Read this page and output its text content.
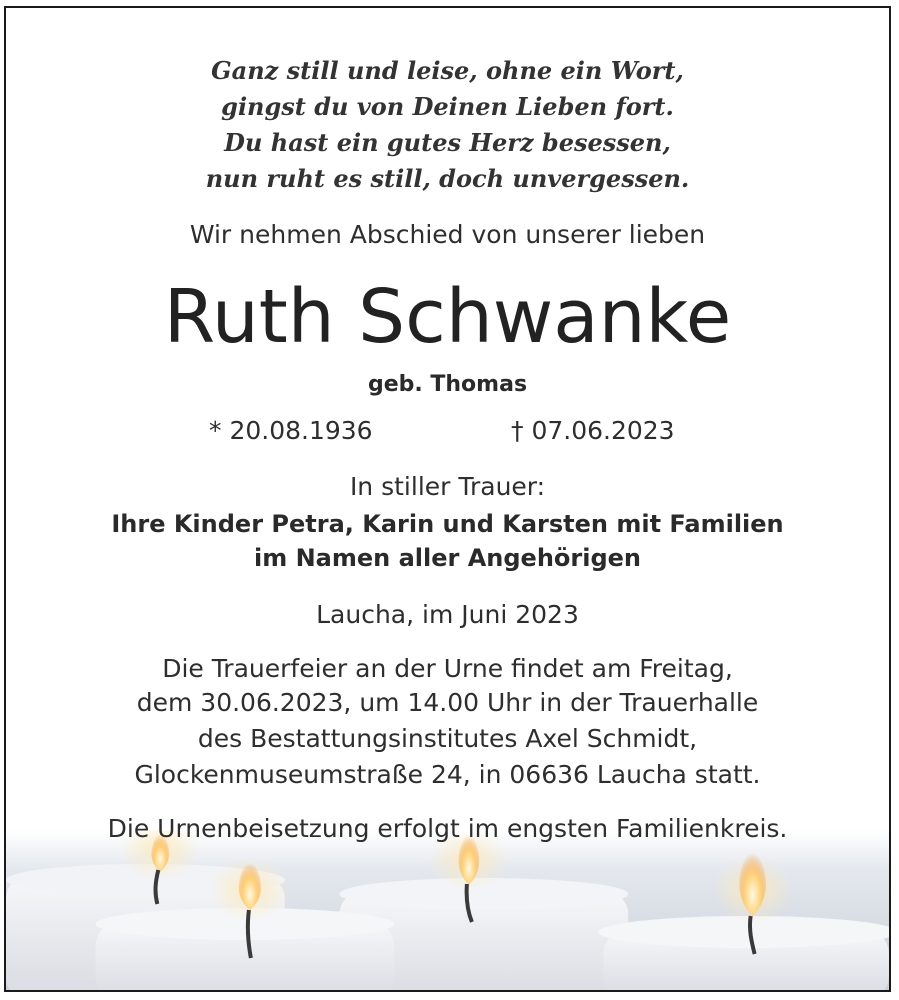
Ganz still und leise, ohne ein Wort,
gingst du von Deinen Lieben fort.
Du hast ein gutes Herz besessen,
nun ruht es still, doch unvergessen.
Wir nehmen Abschied von unserer lieben
Ruth Schwanke
geb. Thomas
* 20.08.1936	† 07.06.2023
In stiller Trauer:
Ihre Kinder Petra, Karin und Karsten mit Familien
im Namen aller Angehörigen
Laucha, im Juni 2023
Die Trauerfeier an der Urne findet am Freitag,
dem 30.06.2023, um 14.00 Uhr in der Trauerhalle
des Bestattungsinstitutes Axel Schmidt,
Glockenmuseumstraße 24, in 06636 Laucha statt.
Die Urnenbeisetzung erfolgt im engsten Familienkreis.
